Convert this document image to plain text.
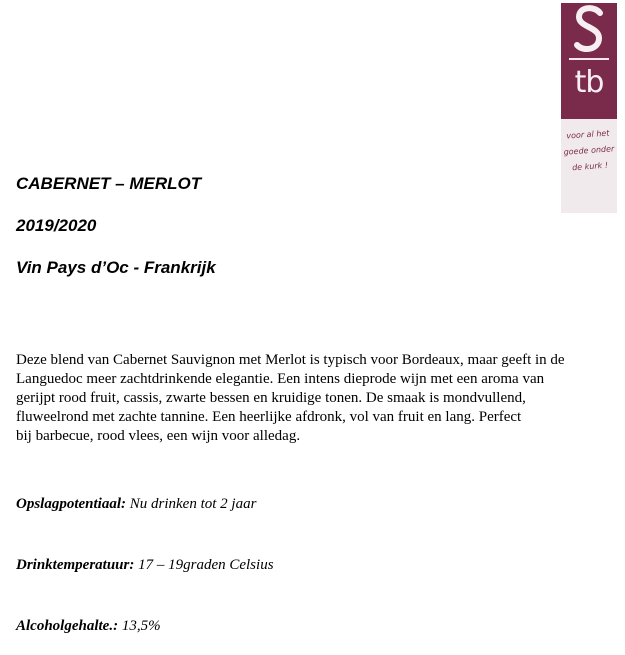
tb
voor al het
goede onder
de kurk !
CABERNET – MERLOT
2019/2020
Vin Pays d’Oc - Frankrijk

Deze blend van Cabernet Sauvignon met Merlot is typisch voor Bordeaux, maar geeft in de
Languedoc meer zachtdrinkende elegantie. Een intens dieprode wijn met een aroma van
gerijpt rood fruit, cassis, zwarte bessen en kruidige tonen. De smaak is mondvullend,
fluweelrond met zachte tannine. Een heerlijke afdronk, vol van fruit en lang. Perfect
bij barbecue, rood vlees, een wijn voor alledag.

Opslagpotentiaal: Nu drinken tot 2 jaar

Drinktemperatuur: 17 – 19graden Celsius

Alcoholgehalte.: 13,5%
